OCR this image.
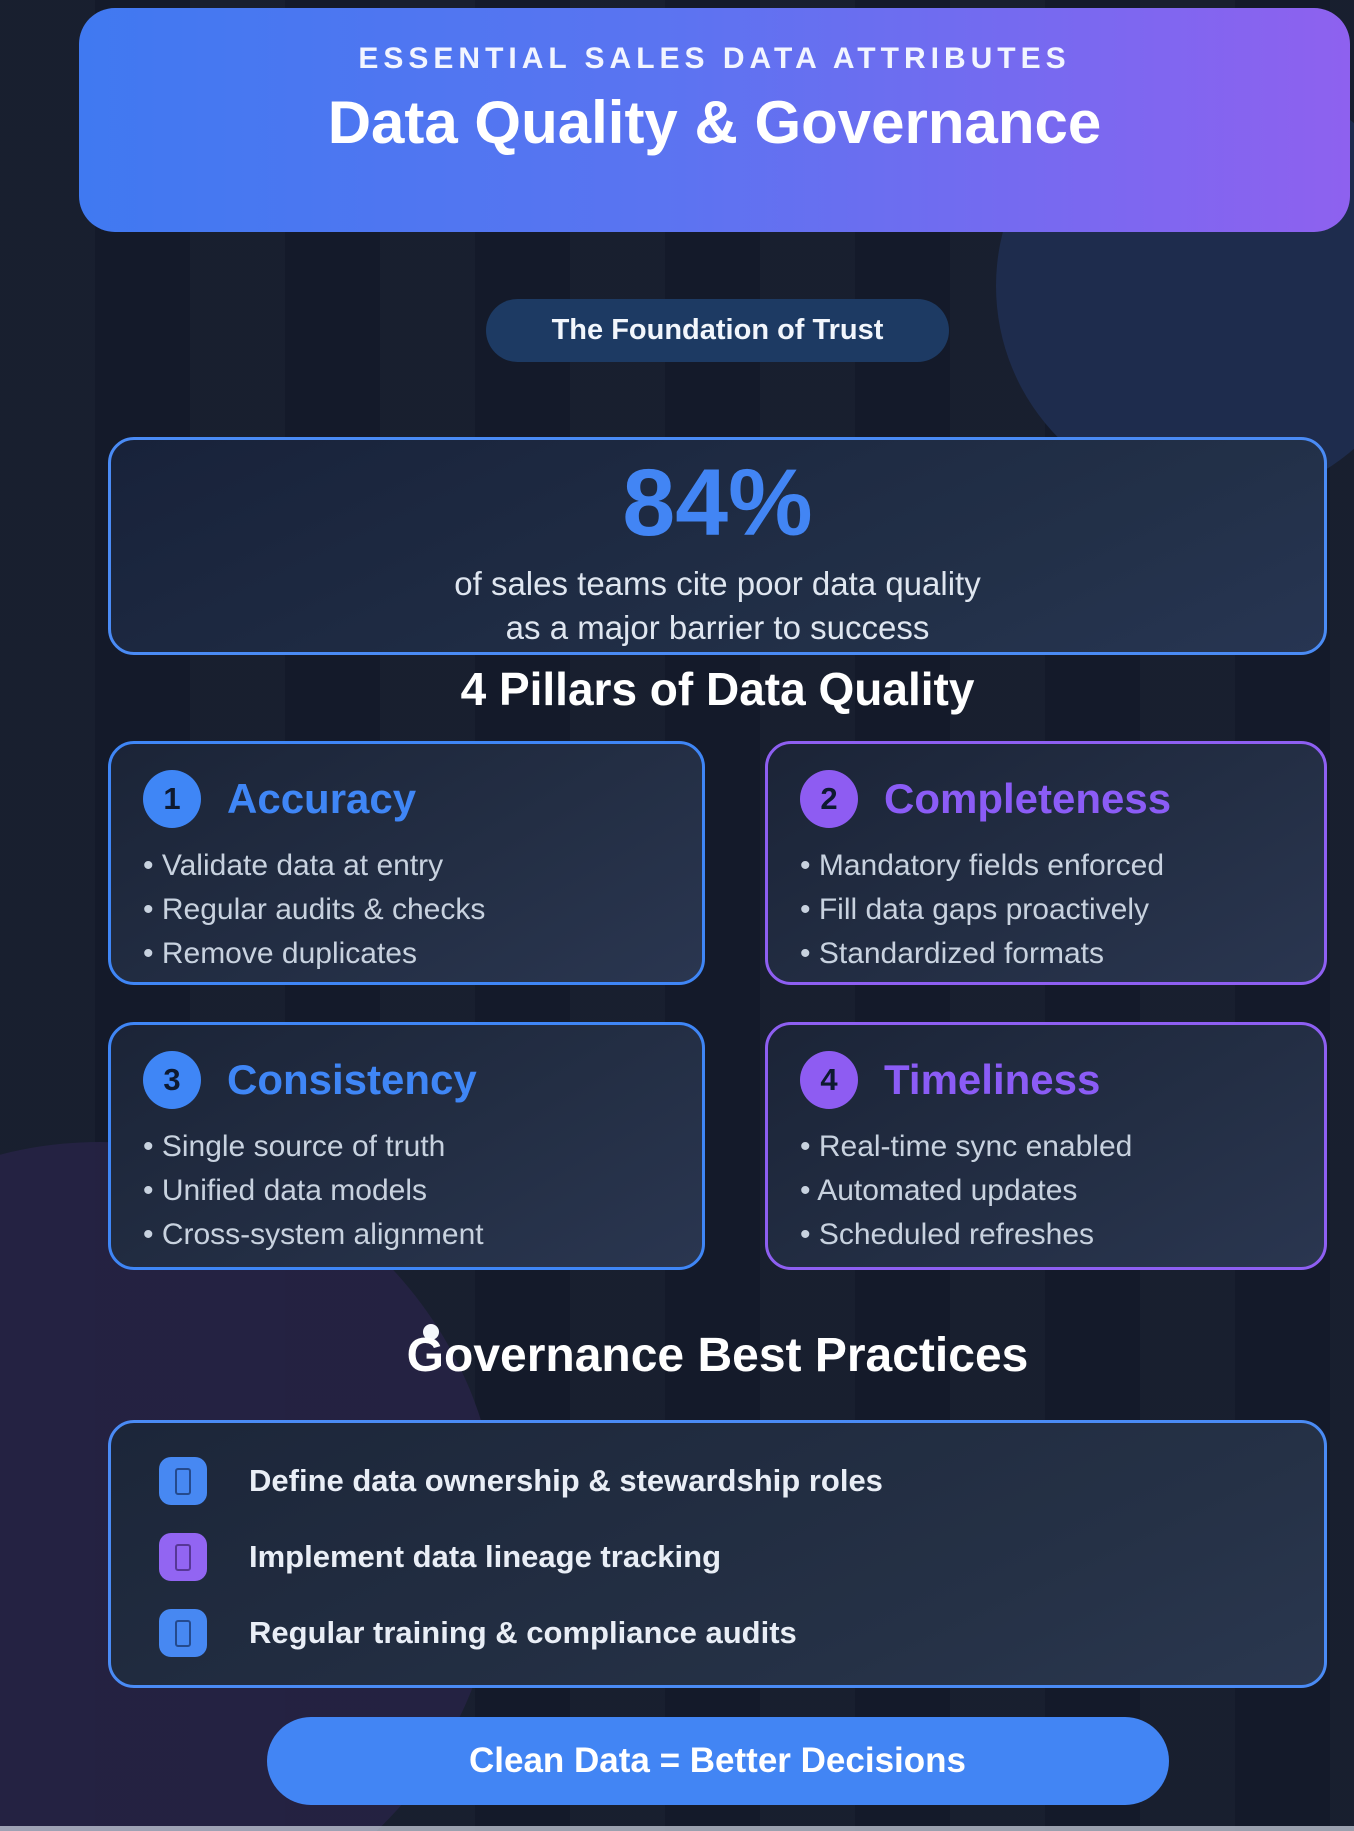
ESSENTIAL SALES DATA ATTRIBUTES
Data Quality & Governance
The Foundation of Trust
84%
of sales teams cite poor data quality
as a major barrier to success
4 Pillars of Data Quality
1	Accuracy
• Validate data at entry
• Regular audits & checks
• Remove duplicates
2	Completeness
• Mandatory fields enforced
• Fill data gaps proactively
• Standardized formats
3	Consistency
• Single source of truth
• Unified data models
• Cross-system alignment
4	Timeliness
• Real-time sync enabled
• Automated updates
• Scheduled refreshes
Governance Best Practices
Define data ownership & stewardship roles
Implement data lineage tracking
Regular training & compliance audits
Clean Data = Better Decisions
